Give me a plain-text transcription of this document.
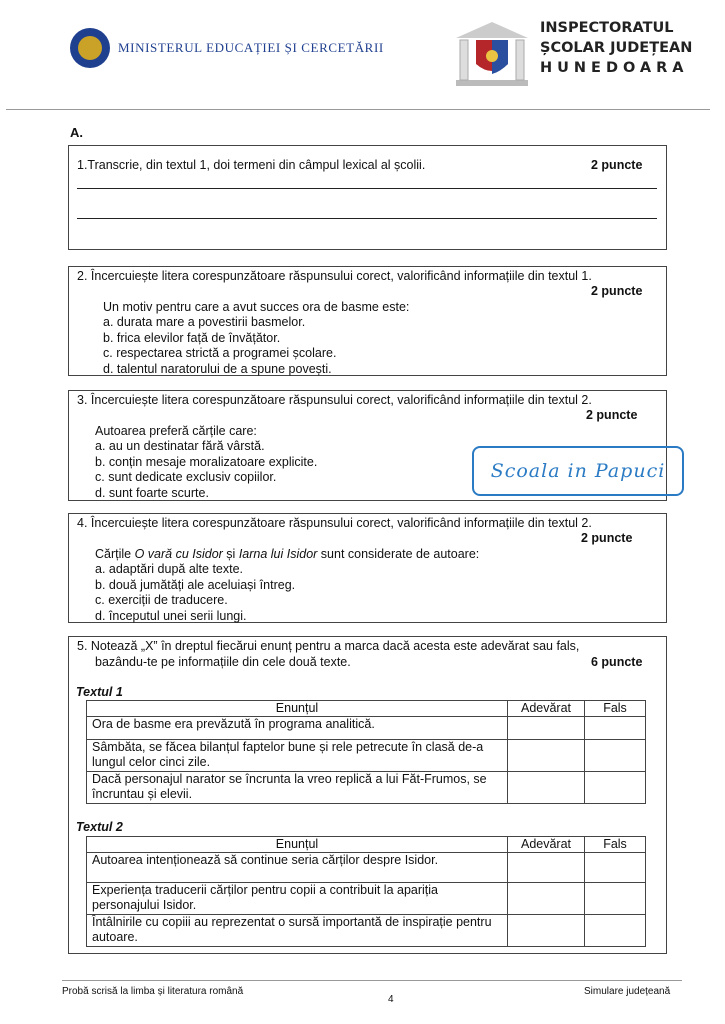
MINISTERUL EDUCAȚIEI ȘI CERCETĂRII
INSPECTORATUL
ȘCOLAR JUDEȚEAN
HUNEDOARA
A.
1.Transcrie, din textul 1, doi termeni din câmpul lexical al școlii.	2 puncte
2. Încercuiește litera corespunzătoare răspunsului corect, valorificând informațiile din textul 1.
2 puncte
Un motiv pentru care a avut succes ora de basme este:
a. durata mare a povestirii basmelor.
b. frica elevilor față de învățător.
c. respectarea strictă a programei școlare.
d. talentul naratorului de a spune povești.
3. Încercuiește litera corespunzătoare răspunsului corect, valorificând informațiile din textul 2.
2 puncte
Autoarea preferă cărțile care:
a. au un destinatar fără vârstă.
b. conțin mesaje moralizatoare explicite.
c. sunt dedicate exclusiv copiilor.
d. sunt foarte scurte.
Scoala in Papuci
4. Încercuiește litera corespunzătoare răspunsului corect, valorificând informațiile din textul 2.
2 puncte
Cărțile O vară cu Isidor și Iarna lui Isidor sunt considerate de autoare:
a. adaptări după alte texte.
b. două jumătăți ale aceluiași întreg.
c. exerciții de traducere.
d. începutul unei serii lungi.
5. Notează „X” în dreptul fiecărui enunț pentru a marca dacă acesta este adevărat sau fals,
bazându-te pe informațiile din cele două texte.	6 puncte
Textul 1
Enunțul	Adevărat	Fals
Ora de basme era prevăzută în programa analitică.		
Sâmbăta, se făcea bilanțul faptelor bune și rele petrecute în clasă de-a lungul celor cinci zile.		
Dacă personajul narator se încrunta la vreo replică a lui Făt-Frumos, se încruntau și elevii.		
Textul 2
Enunțul	Adevărat	Fals
Autoarea intenționează să continue seria cărților despre Isidor.		
Experiența traducerii cărților pentru copii a contribuit la apariția personajului Isidor.		
Întâlnirile cu copiii au reprezentat o sursă importantă de inspirație pentru autoare.		
Probă scrisă la limba și literatura română
4
Simulare județeană
